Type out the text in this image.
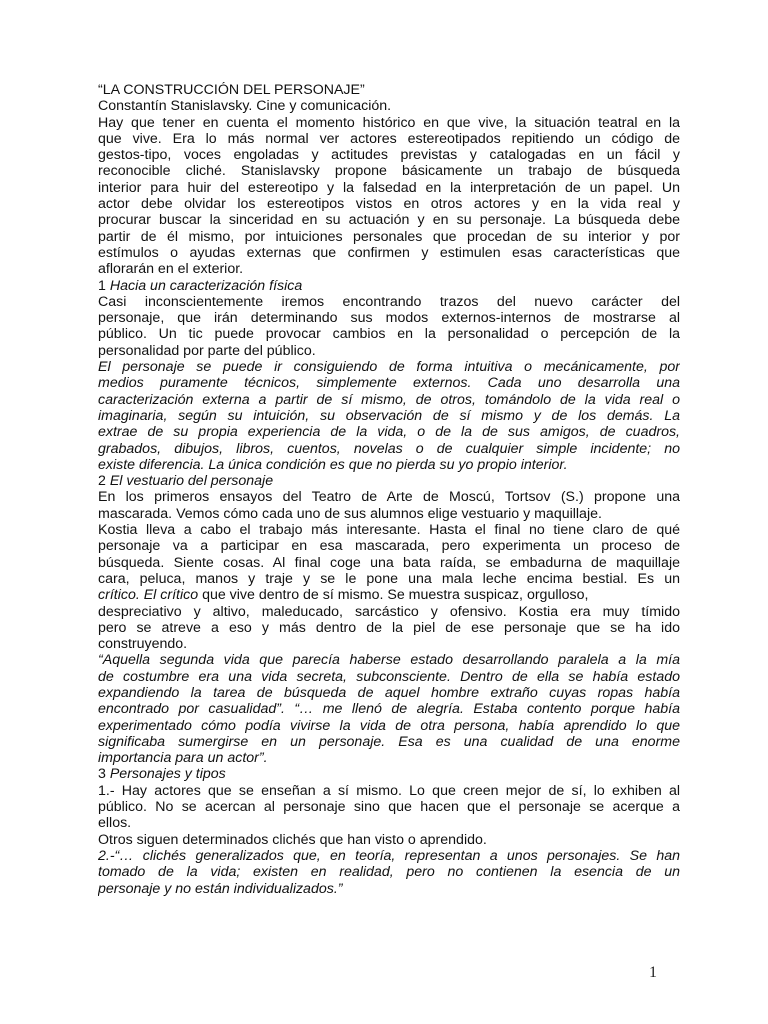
“LA CONSTRUCCIÓN DEL PERSONAJE”
Constantín Stanislavsky. Cine y comunicación.
Hay que tener en cuenta el momento histórico en que vive, la situación teatral en la
que vive. Era lo más normal ver actores estereotipados repitiendo un código de
gestos-tipo, voces engoladas y actitudes previstas y catalogadas en un fácil y
reconocible cliché. Stanislavsky propone básicamente un trabajo de búsqueda
interior para huir del estereotipo y la falsedad en la interpretación de un papel. Un
actor debe olvidar los estereotipos vistos en otros actores y en la vida real y
procurar buscar la sinceridad en su actuación y en su personaje. La búsqueda debe
partir de él mismo, por intuiciones personales que procedan de su interior y por
estímulos o ayudas externas que confirmen y estimulen esas características que
aflorarán en el exterior.
1 Hacia un caracterización física
Casi inconscientemente iremos encontrando trazos del nuevo carácter del
personaje, que irán determinando sus modos externos-internos de mostrarse al
público. Un tic puede provocar cambios en la personalidad o percepción de la
personalidad por parte del público.
El personaje se puede ir consiguiendo de forma intuitiva o mecánicamente, por
medios puramente técnicos, simplemente externos. Cada uno desarrolla una
caracterización externa a partir de sí mismo, de otros, tomándolo de la vida real o
imaginaria, según su intuición, su observación de sí mismo y de los demás. La
extrae de su propia experiencia de la vida, o de la de sus amigos, de cuadros,
grabados, dibujos, libros, cuentos, novelas o de cualquier simple incidente; no
existe diferencia. La única condición es que no pierda su yo propio interior.
2 El vestuario del personaje
En los primeros ensayos del Teatro de Arte de Moscú, Tortsov (S.) propone una
mascarada. Vemos cómo cada uno de sus alumnos elige vestuario y maquillaje.
Kostia lleva a cabo el trabajo más interesante. Hasta el final no tiene claro de qué
personaje va a participar en esa mascarada, pero experimenta un proceso de
búsqueda. Siente cosas. Al final coge una bata raída, se embadurna de maquillaje
cara, peluca, manos y traje y se le pone una mala leche encima bestial. Es un
crítico. El crítico que vive dentro de sí mismo. Se muestra suspicaz, orgulloso,
despreciativo y altivo, maleducado, sarcástico y ofensivo. Kostia era muy tímido
pero se atreve a eso y más dentro de la piel de ese personaje que se ha ido
construyendo.
“Aquella segunda vida que parecía haberse estado desarrollando paralela a la mía
de costumbre era una vida secreta, subconsciente. Dentro de ella se había estado
expandiendo la tarea de búsqueda de aquel hombre extraño cuyas ropas había
encontrado por casualidad”. “… me llenó de alegría. Estaba contento porque había
experimentado cómo podía vivirse la vida de otra persona, había aprendido lo que
significaba sumergirse en un personaje. Esa es una cualidad de una enorme
importancia para un actor”.
3 Personajes y tipos
1.- Hay actores que se enseñan a sí mismo. Lo que creen mejor de sí, lo exhiben al
público. No se acercan al personaje sino que hacen que el personaje se acerque a
ellos.
Otros siguen determinados clichés que han visto o aprendido.
2.-“… clichés generalizados que, en teoría, representan a unos personajes. Se han
tomado de la vida; existen en realidad, pero no contienen la esencia de un
personaje y no están individualizados.”
1
